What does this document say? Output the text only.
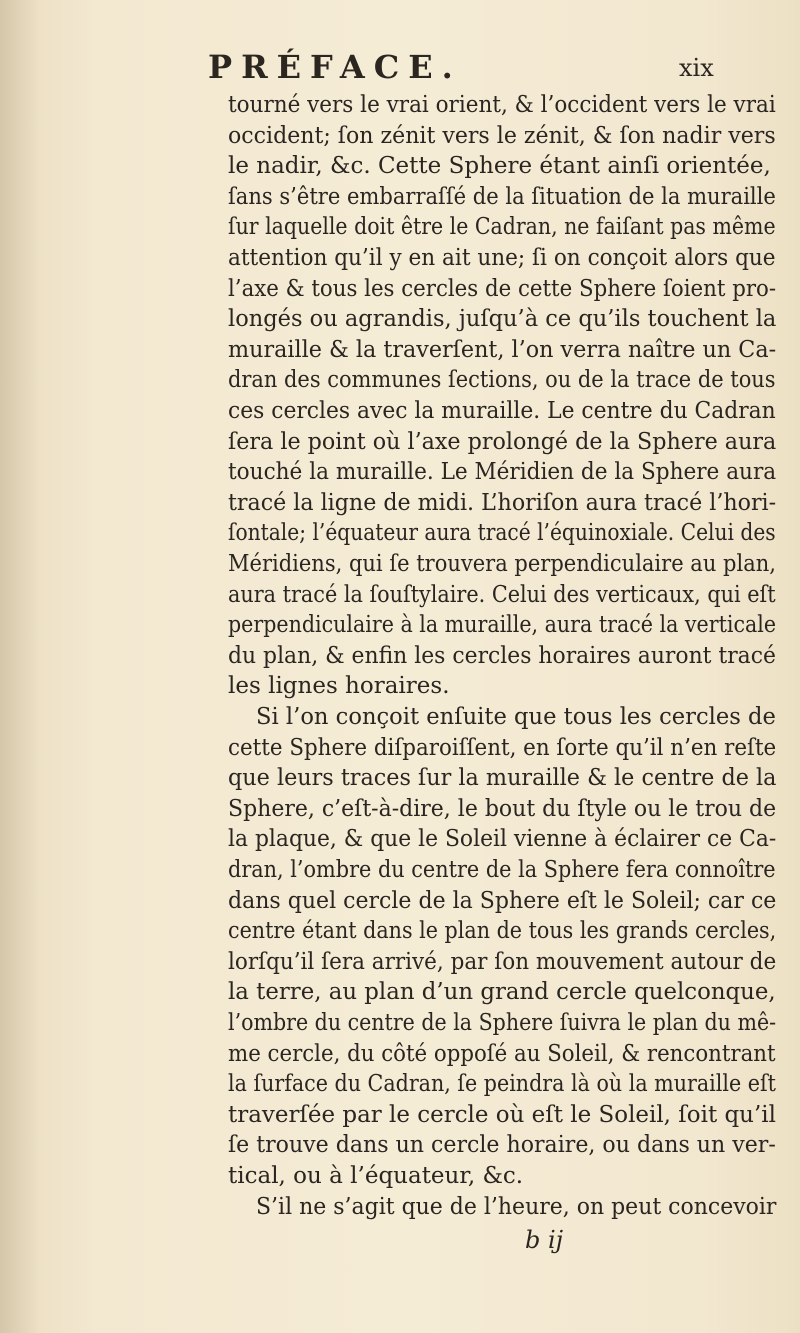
PRÉFACE.	xix
tourné vers le vrai orient, & l’occident vers le vrai
occident; ſon zénit vers le zénit, & ſon nadir vers
le nadir, &c. Cette Sphere étant ainſi orientée,
ſans s’être embarraſſé de la ſituation de la muraille
ſur laquelle doit être le Cadran, ne faiſant pas même
attention qu’il y en ait une; ſi on conçoit alors que
l’axe & tous les cercles de cette Sphere ſoient pro-
longés ou agrandis, juſqu’à ce qu’ils touchent la
muraille & la traverſent, l’on verra naître un Ca-
dran des communes ſections, ou de la trace de tous
ces cercles avec la muraille. Le centre du Cadran
ſera le point où l’axe prolongé de la Sphere aura
touché la muraille. Le Méridien de la Sphere aura
tracé la ligne de midi. L’horiſon aura tracé l’hori-
ſontale; l’équateur aura tracé l’équinoxiale. Celui des
Méridiens, qui ſe trouvera perpendiculaire au plan,
aura tracé la ſouſtylaire. Celui des verticaux, qui eſt
perpendiculaire à la muraille, aura tracé la verticale
du plan, & enfin les cercles horaires auront tracé
les lignes horaires.
Si l’on conçoit enſuite que tous les cercles de
cette Sphere diſparoiſſent, en ſorte qu’il n’en reſte
que leurs traces ſur la muraille & le centre de la
Sphere, c’eſt-à-dire, le bout du ſtyle ou le trou de
la plaque, & que le Soleil vienne à éclairer ce Ca-
dran, l’ombre du centre de la Sphere fera connoître
dans quel cercle de la Sphere eſt le Soleil; car ce
centre étant dans le plan de tous les grands cercles,
lorſqu’il ſera arrivé, par ſon mouvement autour de
la terre, au plan d’un grand cercle quelconque,
l’ombre du centre de la Sphere ſuivra le plan du mê-
me cercle, du côté oppoſé au Soleil, & rencontrant
la ſurface du Cadran, ſe peindra là où la muraille eſt
traverſée par le cercle où eſt le Soleil, ſoit qu’il
ſe trouve dans un cercle horaire, ou dans un ver-
tical, ou à l’équateur, &c.
S’il ne s’agit que de l’heure, on peut concevoir
b ij
